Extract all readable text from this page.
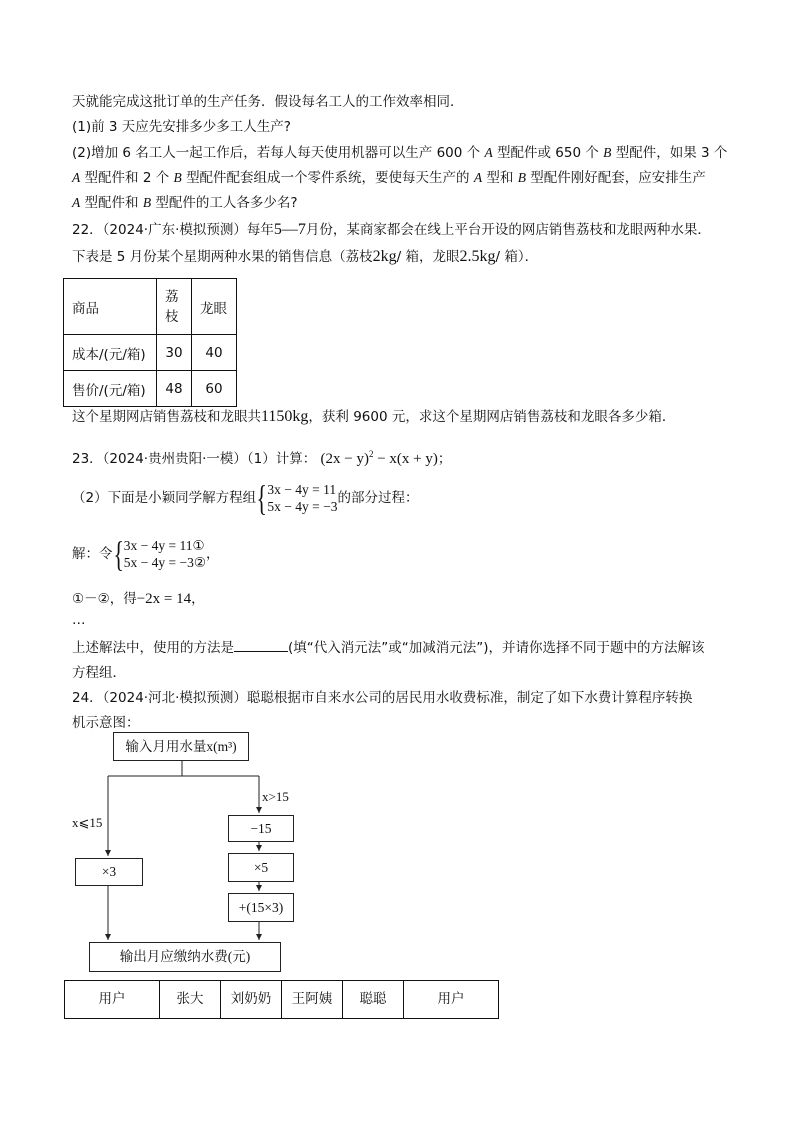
天就能完成这批订单的生产任务．假设每名工人的工作效率相同．
(1)前 3 天应先安排多少多工人生产?
(2)增加 6 名工人一起工作后，若每人每天使用机器可以生产 600 个 A 型配件或 650 个 B 型配件，如果 3 个
A 型配件和 2 个 B 型配件配套组成一个零件系统，要使每天生产的 A 型和 B 型配件刚好配套，应安排生产
A 型配件和 B 型配件的工人各多少名?
22．（2024·广东·模拟预测）每年5—7月份，某商家都会在线上平台开设的网店销售荔枝和龙眼两种水果．
下表是 5 月份某个星期两种水果的销售信息（荔枝2kg/ 箱，龙眼2.5kg/ 箱）．
商品	荔枝	龙眼
成本/(元/箱)	30	40
售价/(元/箱)	48	60
这个星期网店销售荔枝和龙眼共1150kg，获利 9600 元，求这个星期网店销售荔枝和龙眼各多少箱．
23．（2024·贵州贵阳·一模）（1）计算： $(2x - y)^2 - x(x + y)$；
（2）下面是小颖同学解方程组{ 3x − 4y = 11
5x − 4y = −3
的部分过程：
解：令{ 3x − 4y = 11①
5x − 4y = −3②
，
①－②，得−2x = 14，
…
上述解法中，使用的方法是	(填“代入消元法”或“加减消元法”)，并请你选择不同于题中的方法解该
方程组．
24．（2024·河北·模拟预测）聪聪根据市自来水公司的居民用水收费标准，制定了如下水费计算程序转换
机示意图：
输入月用水量x(m³)
x>15
x⩽15	−15
×3	×5
+(15×3)
输出月应缴纳水费(元)
用户	张大	刘奶奶	王阿姨	聪聪	用户
